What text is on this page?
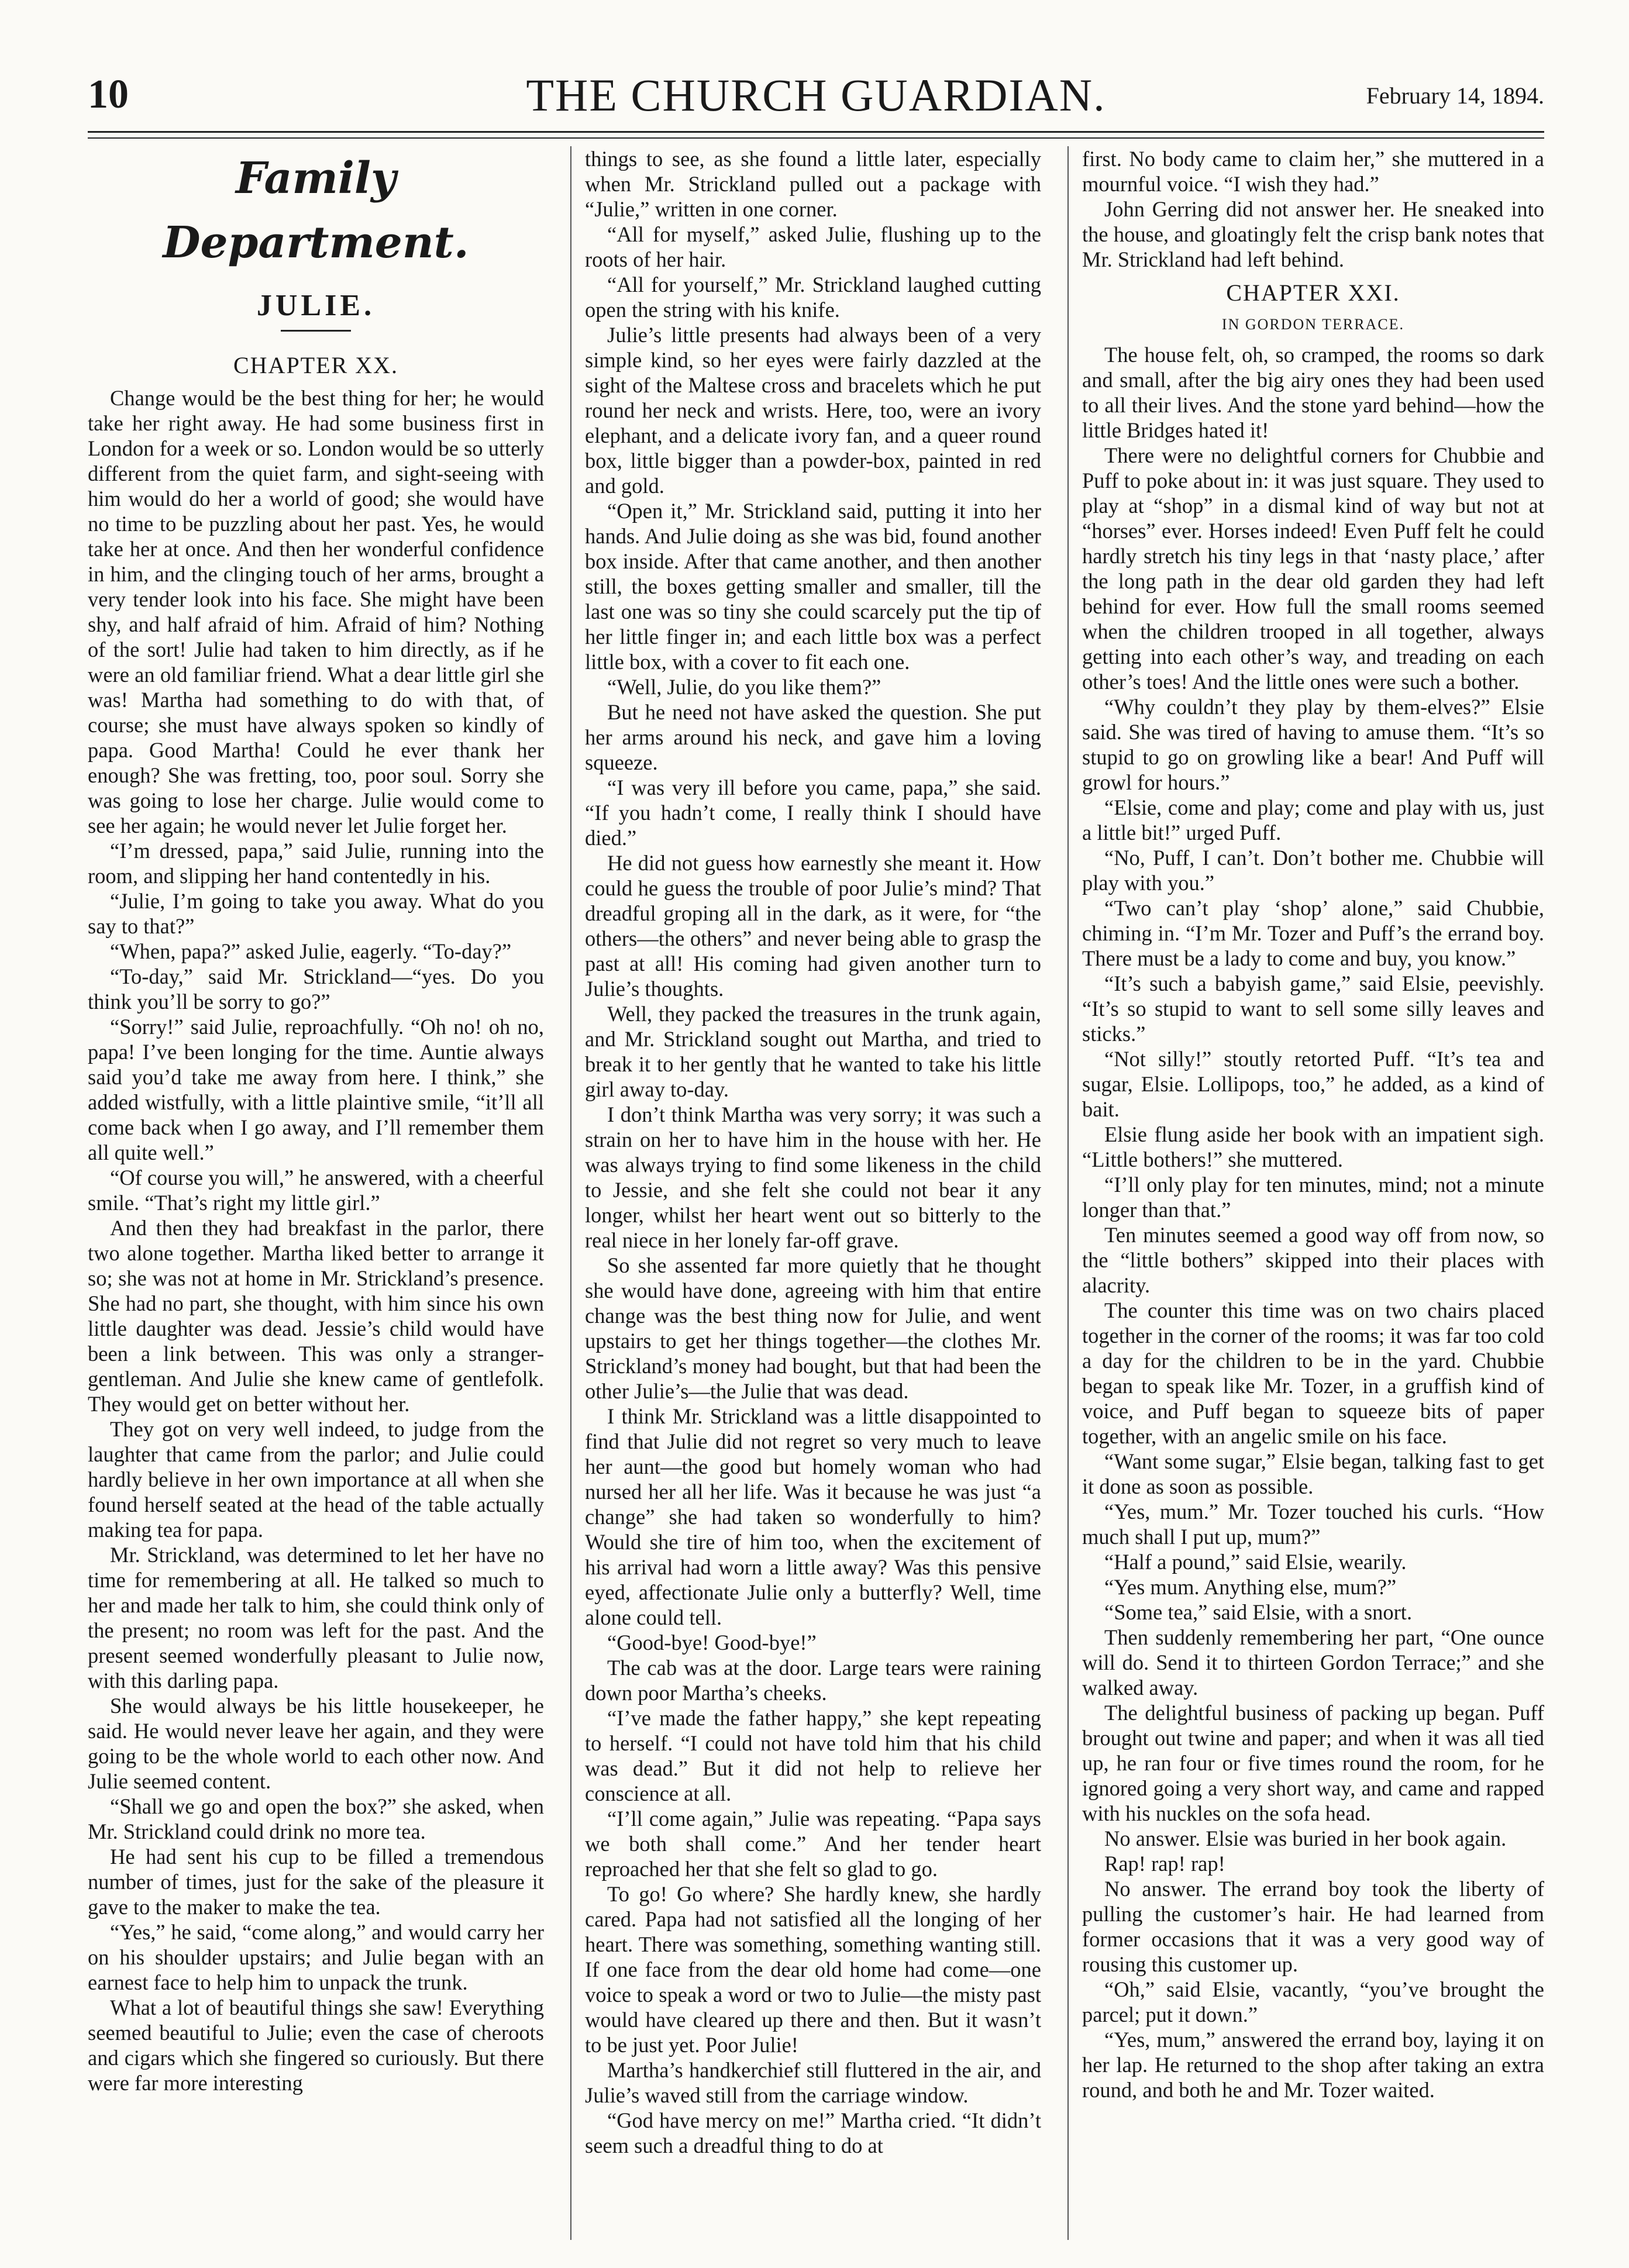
10	THE CHURCH GUARDIAN.	February 14, 1894.
Family Department.
JULIE.
CHAPTER XX.

Change would be the best thing for her; he would take her right away. He had some business first in London for a week or so. London would be so utterly different from the quiet farm, and sight-seeing with him would do her a world of good; she would have no time to be puzzling about her past. Yes, he would take her at once. And then her wonderful confidence in him, and the clinging touch of her arms, brought a very tender look into his face. She might have been shy, and half afraid of him. Afraid of him? Nothing of the sort! Julie had taken to him directly, as if he were an old familiar friend. What a dear little girl she was! Martha had something to do with that, of course; she must have always spoken so kindly of papa. Good Martha! Could he ever thank her enough? She was fretting, too, poor soul. Sorry she was going to lose her charge. Julie would come to see her again; he would never let Julie forget her.

“I’m dressed, papa,” said Julie, running into the room, and slipping her hand contentedly in his.

“Julie, I’m going to take you away. What do you say to that?”

“When, papa?” asked Julie, eagerly. “To-day?”

“To-day,” said Mr. Strickland—“yes. Do you think you’ll be sorry to go?”

“Sorry!” said Julie, reproachfully. “Oh no! oh no, papa! I’ve been longing for the time. Auntie always said you’d take me away from here. I think,” she added wistfully, with a little plaintive smile, “it’ll all come back when I go away, and I’ll remember them all quite well.”

“Of course you will,” he answered, with a cheerful smile. “That’s right my little girl.”

And then they had breakfast in the parlor, there two alone together. Martha liked better to arrange it so; she was not at home in Mr. Strickland’s presence. She had no part, she thought, with him since his own little daughter was dead. Jessie’s child would have been a link between. This was only a stranger-gentleman. And Julie she knew came of gentlefolk. They would get on better without her.

They got on very well indeed, to judge from the laughter that came from the parlor; and Julie could hardly believe in her own importance at all when she found herself seated at the head of the table actually making tea for papa.

Mr. Strickland, was determined to let her have no time for remembering at all. He talked so much to her and made her talk to him, she could think only of the present; no room was left for the past. And the present seemed wonderfully pleasant to Julie now, with this darling papa.

She would always be his little housekeeper, he said. He would never leave her again, and they were going to be the whole world to each other now. And Julie seemed content.

“Shall we go and open the box?” she asked, when Mr. Strickland could drink no more tea.

He had sent his cup to be filled a tremendous number of times, just for the sake of the pleasure it gave to the maker to make the tea.

“Yes,” he said, “come along,” and would carry her on his shoulder upstairs; and Julie began with an earnest face to help him to unpack the trunk.

What a lot of beautiful things she saw! Everything seemed beautiful to Julie; even the case of cheroots and cigars which she fingered so curiously. But there were far more interesting

things to see, as she found a little later, especially when Mr. Strickland pulled out a package with “Julie,” written in one corner.

“All for myself,” asked Julie, flushing up to the roots of her hair.

“All for yourself,” Mr. Strickland laughed cutting open the string with his knife.

Julie’s little presents had always been of a very simple kind, so her eyes were fairly dazzled at the sight of the Maltese cross and bracelets which he put round her neck and wrists. Here, too, were an ivory elephant, and a delicate ivory fan, and a queer round box, little bigger than a powder-box, painted in red and gold.

“Open it,” Mr. Strickland said, putting it into her hands. And Julie doing as she was bid, found another box inside. After that came another, and then another still, the boxes getting smaller and smaller, till the last one was so tiny she could scarcely put the tip of her little finger in; and each little box was a perfect little box, with a cover to fit each one.

“Well, Julie, do you like them?”

But he need not have asked the question. She put her arms around his neck, and gave him a loving squeeze.

“I was very ill before you came, papa,” she said. “If you hadn’t come, I really think I should have died.”

He did not guess how earnestly she meant it. How could he guess the trouble of poor Julie’s mind? That dreadful groping all in the dark, as it were, for “the others—the others” and never being able to grasp the past at all! His coming had given another turn to Julie’s thoughts.

Well, they packed the treasures in the trunk again, and Mr. Strickland sought out Martha, and tried to break it to her gently that he wanted to take his little girl away to-day.

I don’t think Martha was very sorry; it was such a strain on her to have him in the house with her. He was always trying to find some likeness in the child to Jessie, and she felt she could not bear it any longer, whilst her heart went out so bitterly to the real niece in her lonely far-off grave.

So she assented far more quietly that he thought she would have done, agreeing with him that entire change was the best thing now for Julie, and went upstairs to get her things together—the clothes Mr. Strickland’s money had bought, but that had been the other Julie’s—the Julie that was dead.

I think Mr. Strickland was a little disappointed to find that Julie did not regret so very much to leave her aunt—the good but homely woman who had nursed her all her life. Was it because he was just “a change” she had taken so wonderfully to him? Would she tire of him too, when the excitement of his arrival had worn a little away? Was this pensive eyed, affectionate Julie only a butterfly? Well, time alone could tell.

“Good-bye! Good-bye!”

The cab was at the door. Large tears were raining down poor Martha’s cheeks.

“I’ve made the father happy,” she kept repeating to herself. “I could not have told him that his child was dead.” But it did not help to relieve her conscience at all.

“I’ll come again,” Julie was repeating. “Papa says we both shall come.” And her tender heart reproached her that she felt so glad to go.

To go! Go where? She hardly knew, she hardly cared. Papa had not satisfied all the longing of her heart. There was something, something wanting still. If one face from the dear old home had come—one voice to speak a word or two to Julie—the misty past would have cleared up there and then. But it wasn’t to be just yet. Poor Julie!

Martha’s handkerchief still fluttered in the air, and Julie’s waved still from the carriage window.

“God have mercy on me!” Martha cried. “It didn’t seem such a dreadful thing to do at

first. No body came to claim her,” she muttered in a mournful voice. “I wish they had.”

John Gerring did not answer her. He sneaked into the house, and gloatingly felt the crisp bank notes that Mr. Strickland had left behind.

CHAPTER XXI.
IN GORDON TERRACE.

The house felt, oh, so cramped, the rooms so dark and small, after the big airy ones they had been used to all their lives. And the stone yard behind—how the little Bridges hated it!

There were no delightful corners for Chubbie and Puff to poke about in: it was just square. They used to play at “shop” in a dismal kind of way but not at “horses” ever. Horses indeed! Even Puff felt he could hardly stretch his tiny legs in that ‘nasty place,’ after the long path in the dear old garden they had left behind for ever. How full the small rooms seemed when the children trooped in all together, always getting into each other’s way, and treading on each other’s toes! And the little ones were such a bother.

“Why couldn’t they play by them-elves?” Elsie said. She was tired of having to amuse them. “It’s so stupid to go on growling like a bear! And Puff will growl for hours.”

“Elsie, come and play; come and play with us, just a little bit!” urged Puff.

“No, Puff, I can’t. Don’t bother me. Chubbie will play with you.”

“Two can’t play ‘shop’ alone,” said Chubbie, chiming in. “I’m Mr. Tozer and Puff’s the errand boy. There must be a lady to come and buy, you know.”

“It’s such a babyish game,” said Elsie, peevishly. “It’s so stupid to want to sell some silly leaves and sticks.”

“Not silly!” stoutly retorted Puff. “It’s tea and sugar, Elsie. Lollipops, too,” he added, as a kind of bait.

Elsie flung aside her book with an impatient sigh. “Little bothers!” she muttered.

“I’ll only play for ten minutes, mind; not a minute longer than that.”

Ten minutes seemed a good way off from now, so the “little bothers” skipped into their places with alacrity.

The counter this time was on two chairs placed together in the corner of the rooms; it was far too cold a day for the children to be in the yard. Chubbie began to speak like Mr. Tozer, in a gruffish kind of voice, and Puff began to squeeze bits of paper together, with an angelic smile on his face.

“Want some sugar,” Elsie began, talking fast to get it done as soon as possible.

“Yes, mum.” Mr. Tozer touched his curls. “How much shall I put up, mum?”

“Half a pound,” said Elsie, wearily.

“Yes mum. Anything else, mum?”

“Some tea,” said Elsie, with a snort.

Then suddenly remembering her part, “One ounce will do. Send it to thirteen Gordon Terrace;” and she walked away.

The delightful business of packing up began. Puff brought out twine and paper; and when it was all tied up, he ran four or five times round the room, for he ignored going a very short way, and came and rapped with his nuckles on the sofa head.

No answer. Elsie was buried in her book again.

Rap! rap! rap!

No answer. The errand boy took the liberty of pulling the customer’s hair. He had learned from former occasions that it was a very good way of rousing this customer up.

“Oh,” said Elsie, vacantly, “you’ve brought the parcel; put it down.”

“Yes, mum,” answered the errand boy, laying it on her lap. He returned to the shop after taking an extra round, and both he and Mr. Tozer waited.
